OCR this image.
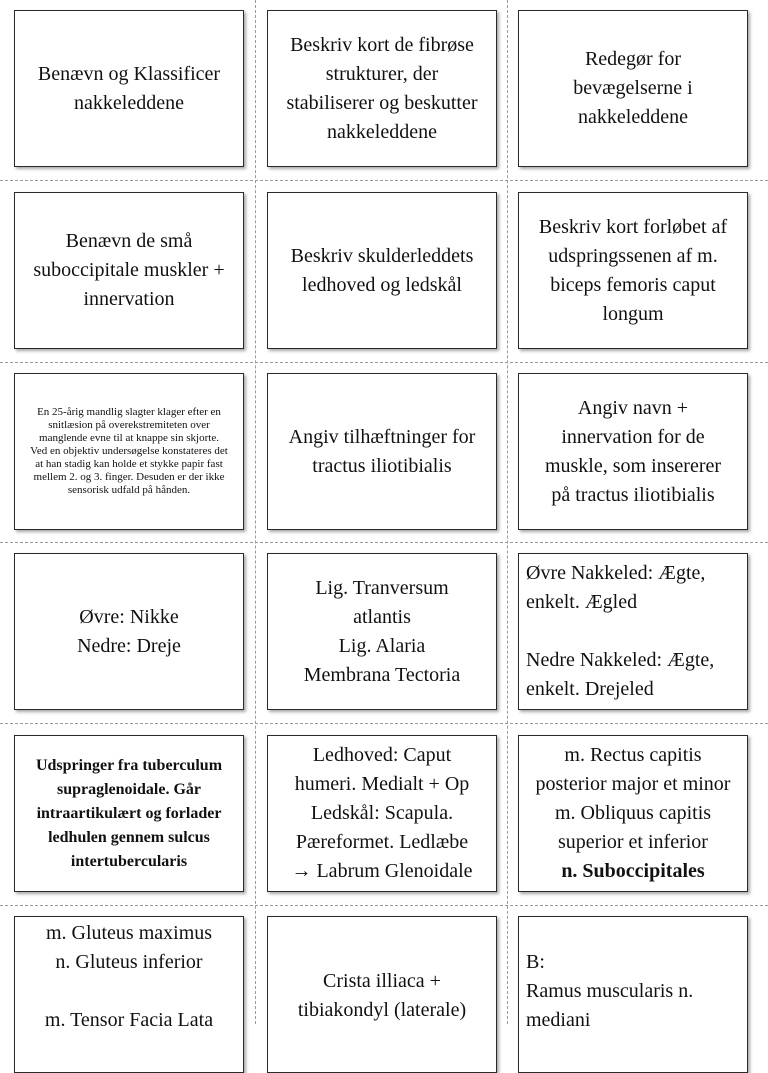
Benævn og Klassificer
nakkeleddene
Beskriv kort de fibrøse
strukturer, der
stabiliserer og beskutter
nakkeleddene
Redegør for
bevægelserne i
nakkeleddene
Benævn de små
suboccipitale muskler +
innervation
Beskriv skulderleddets
ledhoved og ledskål
Beskriv kort forløbet af
udspringssenen af m.
biceps femoris caput
longum
En 25-årig mandlig slagter klager efter en
snitlæsion på overekstremiteten over
manglende evne til at knappe sin skjorte.
Ved en objektiv undersøgelse konstateres det
at han stadig kan holde et stykke papir fast
mellem 2. og 3. finger. Desuden er der ikke
sensorisk udfald på hånden.
Angiv tilhæftninger for
tractus iliotibialis
Angiv navn +
innervation for de
muskle, som insererer
på tractus iliotibialis
Øvre: Nikke
Nedre: Dreje
Lig. Tranversum
atlantis
Lig. Alaria
Membrana Tectoria
Øvre Nakkeled: Ægte,
enkelt. Ægled
Nedre Nakkeled: Ægte,
enkelt. Drejeled
Udspringer fra tuberculum
supraglenoidale. Går
intraartikulært og forlader
ledhulen gennem sulcus
intertubercularis
Ledhoved: Caput
humeri. Medialt + Op
Ledskål: Scapula.
Pæreformet. Ledlæbe
→ Labrum Glenoidale
m. Rectus capitis
posterior major et minor
m. Obliquus capitis
superior et inferior
n. Suboccipitales
m. Gluteus maximus
n. Gluteus inferior
m. Tensor Facia Lata
Crista illiaca +
tibiakondyl (laterale)
B:
Ramus muscularis n.
mediani
